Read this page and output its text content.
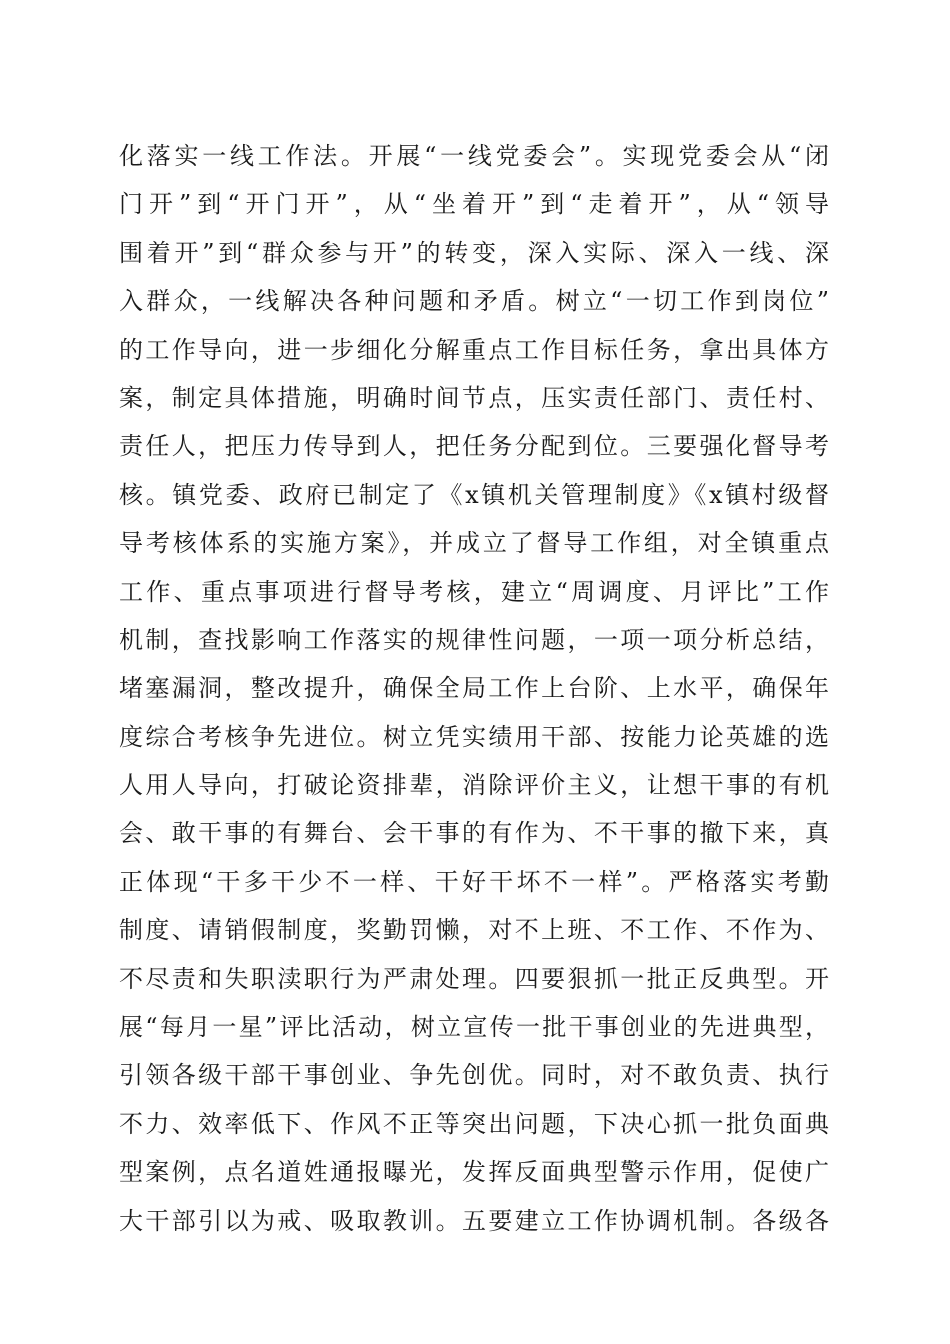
化落实一线工作法。开展“一线党委会”。实现党委会从“闭
门开”到“开门开”，从“坐着开”到“走着开”，从“领导
围着开”到“群众参与开”的转变，深入实际、深入一线、深
入群众，一线解决各种问题和矛盾。树立“一切工作到岗位”
的工作导向，进一步细化分解重点工作目标任务，拿出具体方
案，制定具体措施，明确时间节点，压实责任部门、责任村、
责任人，把压力传导到人，把任务分配到位。三要强化督导考
核。镇党委、政府已制定了《x镇机关管理制度》《x镇村级督
导考核体系的实施方案》，并成立了督导工作组，对全镇重点
工作、重点事项进行督导考核，建立“周调度、月评比”工作
机制，查找影响工作落实的规律性问题，一项一项分析总结，
堵塞漏洞，整改提升，确保全局工作上台阶、上水平，确保年
度综合考核争先进位。树立凭实绩用干部、按能力论英雄的选
人用人导向，打破论资排辈，消除评价主义，让想干事的有机
会、敢干事的有舞台、会干事的有作为、不干事的撤下来，真
正体现“干多干少不一样、干好干坏不一样”。严格落实考勤
制度、请销假制度，奖勤罚懒，对不上班、不工作、不作为、
不尽责和失职渎职行为严肃处理。四要狠抓一批正反典型。开
展“每月一星”评比活动，树立宣传一批干事创业的先进典型，
引领各级干部干事创业、争先创优。同时，对不敢负责、执行
不力、效率低下、作风不正等突出问题，下决心抓一批负面典
型案例，点名道姓通报曝光，发挥反面典型警示作用，促使广
大干部引以为戒、吸取教训。五要建立工作协调机制。各级各
